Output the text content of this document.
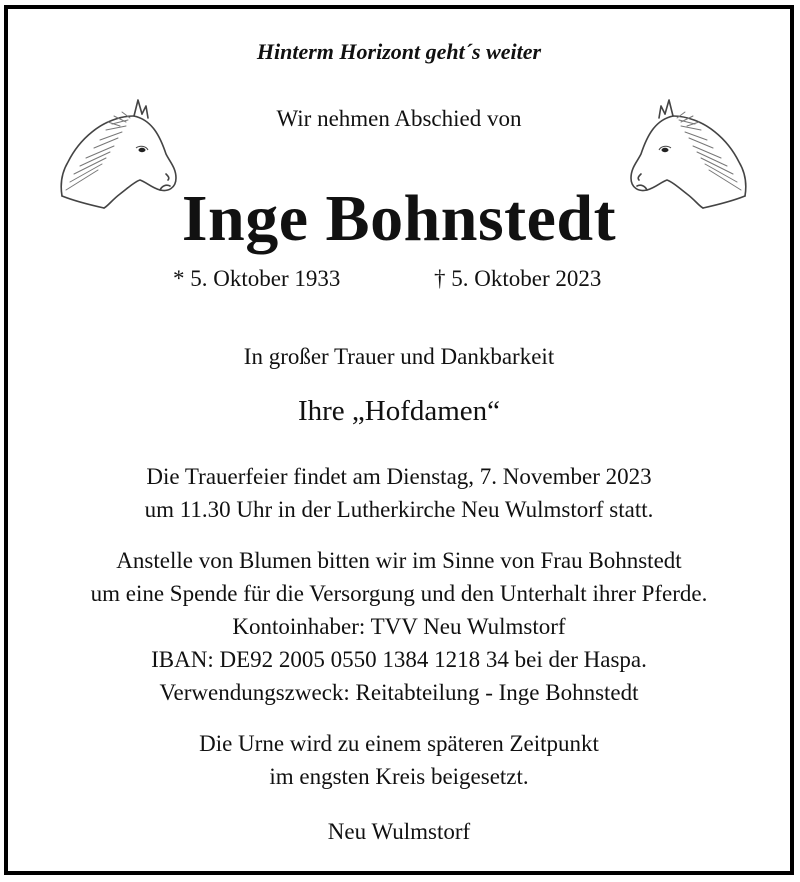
Hinterm Horizont geht´s weiter
Wir nehmen Abschied von
Inge Bohnstedt
* 5. Oktober 1933	† 5. Oktober 2023
In großer Trauer und Dankbarkeit
Ihre „Hofdamen“
Die Trauerfeier findet am Dienstag, 7. November 2023
um 11.30 Uhr in der Lutherkirche Neu Wulmstorf statt.
Anstelle von Blumen bitten wir im Sinne von Frau Bohnstedt
um eine Spende für die Versorgung und den Unterhalt ihrer Pferde.
Kontoinhaber: TVV Neu Wulmstorf
IBAN: DE92 2005 0550 1384 1218 34 bei der Haspa.
Verwendungszweck: Reitabteilung - Inge Bohnstedt
Die Urne wird zu einem späteren Zeitpunkt
im engsten Kreis beigesetzt.
Neu Wulmstorf
